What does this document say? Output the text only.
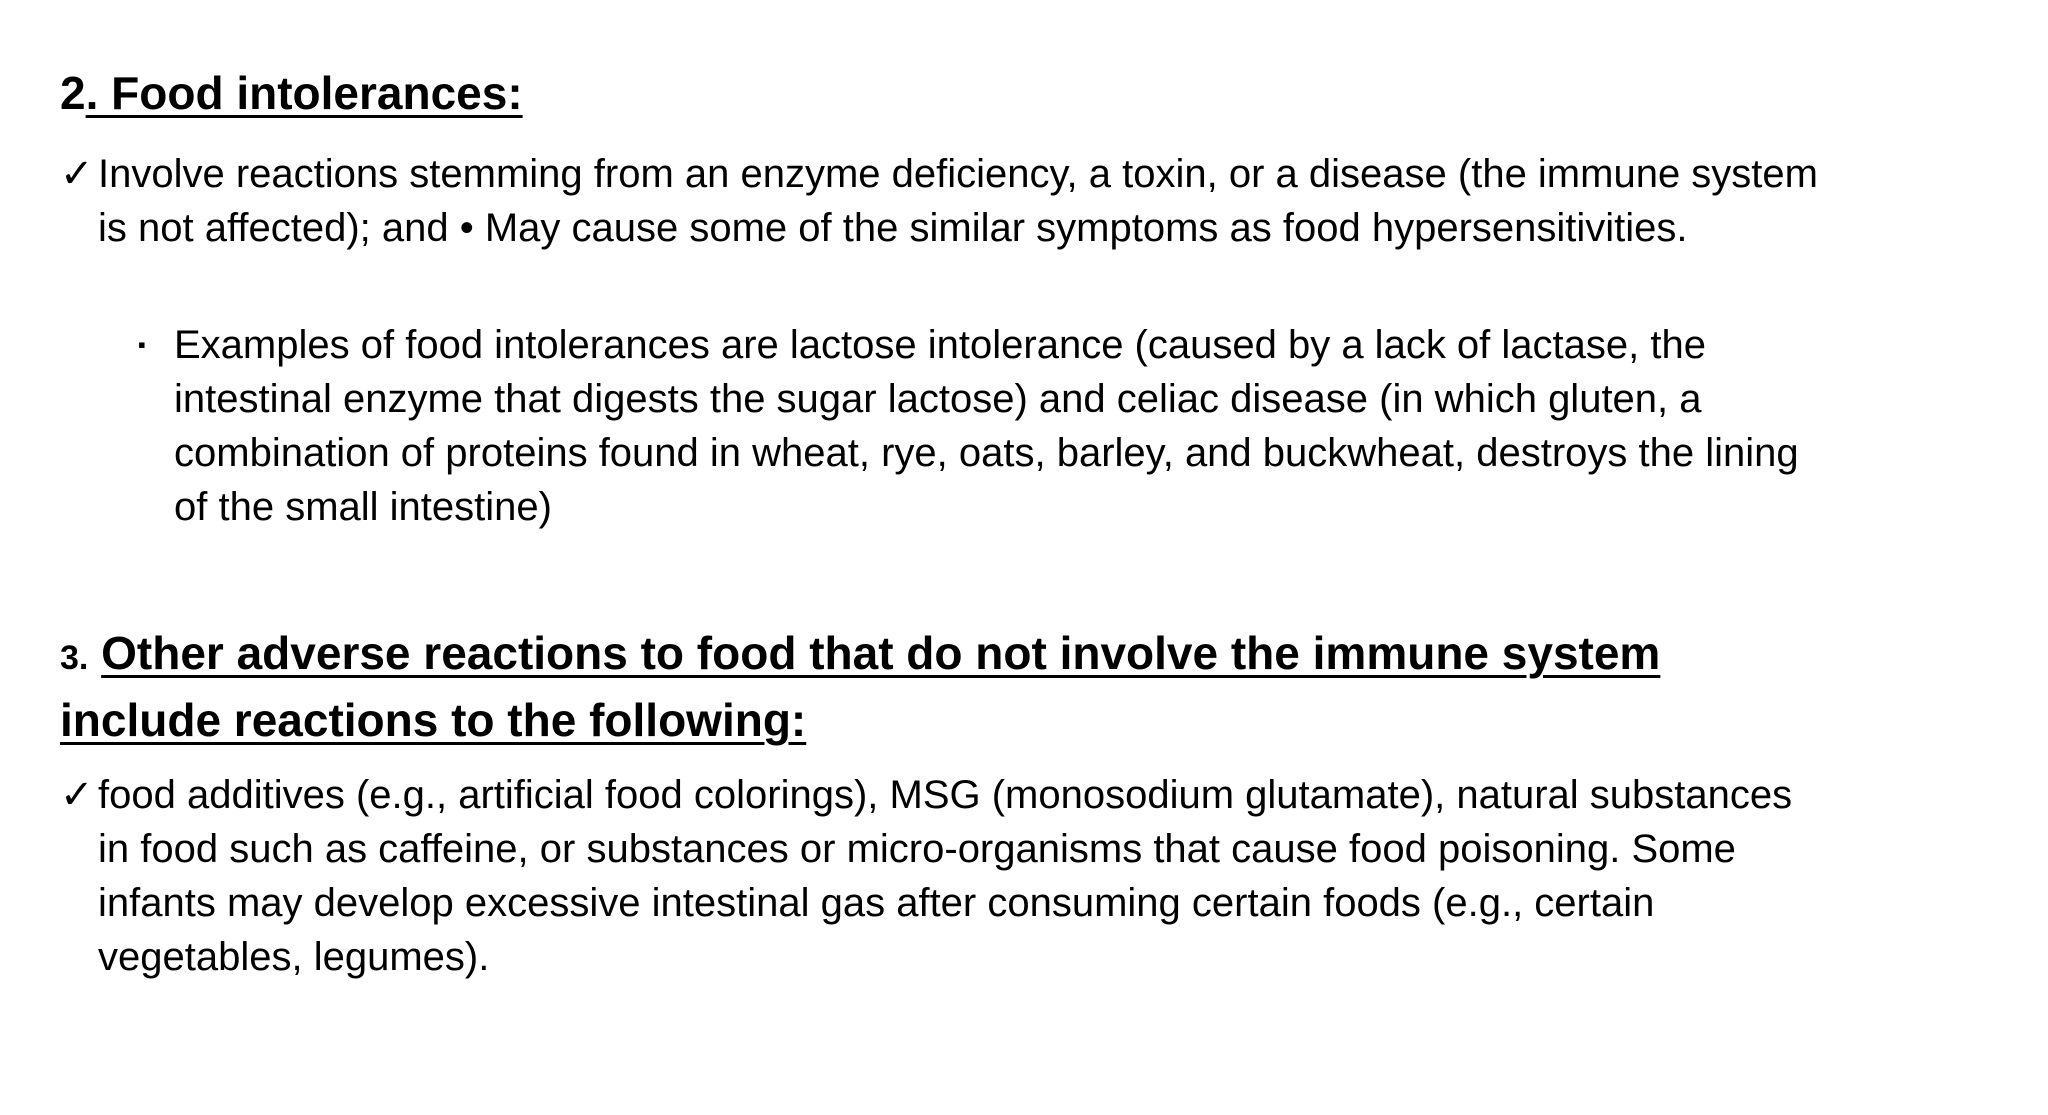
2. Food intolerances:
✓ Involve reactions stemming from an enzyme deficiency, a toxin, or a disease (the immune system is not affected); and • May cause some of the similar symptoms as food hypersensitivities.
▪ Examples of food intolerances are lactose intolerance (caused by a lack of lactase, the intestinal enzyme that digests the sugar lactose) and celiac disease (in which gluten, a combination of proteins found in wheat, rye, oats, barley, and buckwheat, destroys the lining of the small intestine)
3. Other adverse reactions to food that do not involve the immune system include reactions to the following:
✓ food additives (e.g., artificial food colorings), MSG (monosodium glutamate), natural substances in food such as caffeine, or substances or micro-organisms that cause food poisoning. Some infants may develop excessive intestinal gas after consuming certain foods (e.g., certain vegetables, legumes).
